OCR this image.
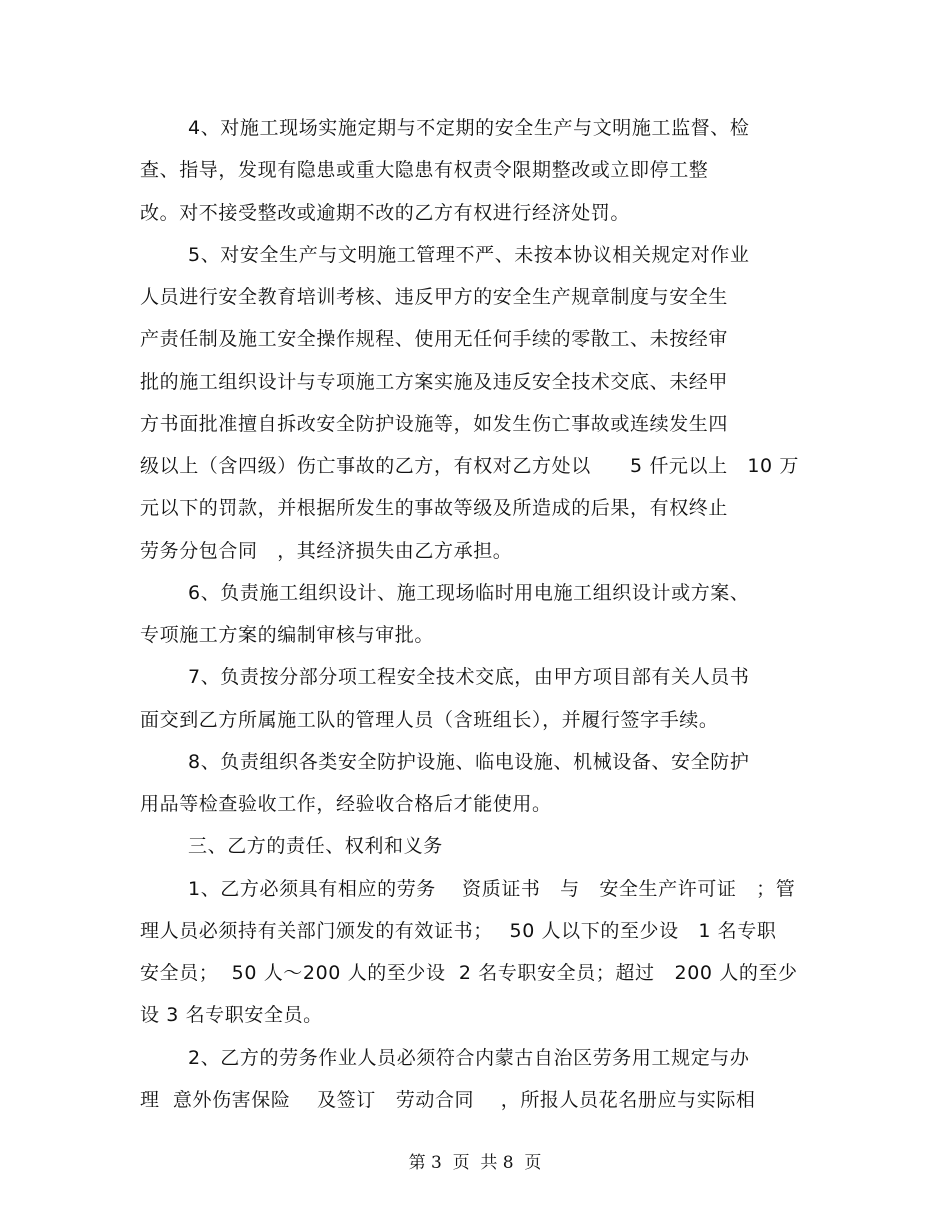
4、对施工现场实施定期与不定期的安全生产与文明施工监督、检
查、指导，发现有隐患或重大隐患有权责令限期整改或立即停工整
改。对不接受整改或逾期不改的乙方有权进行经济处罚。
5、对安全生产与文明施工管理不严、未按本协议相关规定对作业
人员进行安全教育培训考核、违反甲方的安全生产规章制度与安全生
产责任制及施工安全操作规程、使用无任何手续的零散工、未按经审
批的施工组织设计与专项施工方案实施及违反安全技术交底、未经甲
方书面批准擅自拆改安全防护设施等，如发生伤亡事故或连续发生四
级以上（含四级）伤亡事故的乙方，有权对乙方处以　　5 仟元以上　10 万
元以下的罚款，并根据所发生的事故等级及所造成的后果，有权终止
劳务分包合同　，其经济损失由乙方承担。
6、负责施工组织设计、施工现场临时用电施工组织设计或方案、
专项施工方案的编制审核与审批。
7、负责按分部分项工程安全技术交底，由甲方项目部有关人员书
面交到乙方所属施工队的管理人员（含班组长），并履行签字手续。
8、负责组织各类安全防护设施、临电设施、机械设备、安全防护
用品等检查验收工作，经验收合格后才能使用。
三、乙方的责任、权利和义务
1、乙方必须具有相应的劳务　 资质证书　与　安全生产许可证　；管
理人员必须持有关部门颁发的有效证书；　 50 人以下的至少设　1 名专职
安全员；  50 人～200 人的至少设  2 名专职安全员；超过   200 人的至少
设 3 名专职安全员。
2、乙方的劳务作业人员必须符合内蒙古自治区劳务用工规定与办
理  意外伤害保险    及签订   劳动合同    ，所报人员花名册应与实际相
第 3  页  共 8  页
